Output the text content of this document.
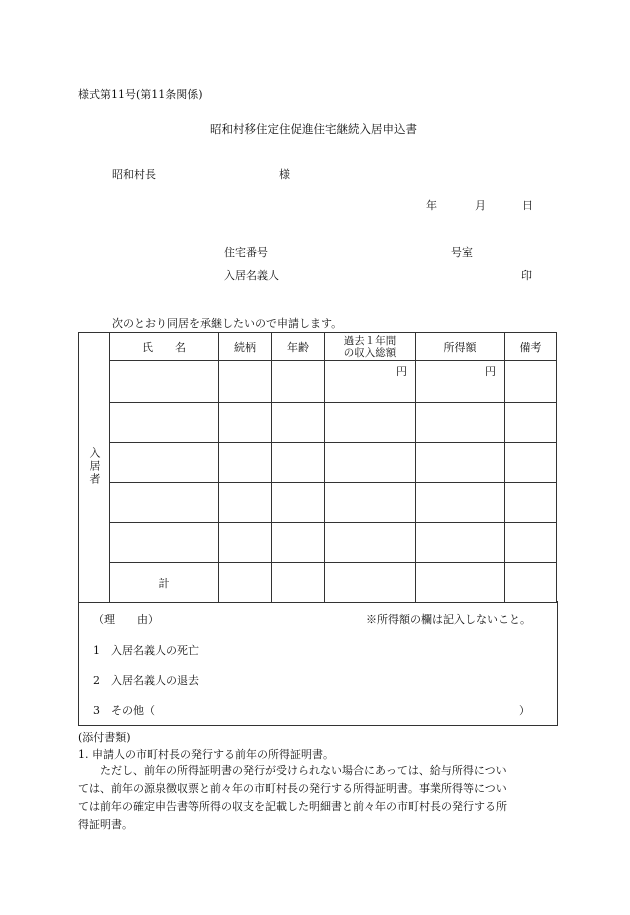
様式第11号(第11条関係)
昭和村移住定住促進住宅継続入居申込書
昭和村長	様
年	月	日
住宅番号	号室
入居名義人	印
次のとおり同居を承継したいので申請します。
入居者	氏　　名	続柄	年齢	過去１年間
の収入総額	所得額	備考
				円	円	

	計					
（理　　由）	※所得額の欄は記入しないこと。
1　 入居名義人の死亡
2　 入居名義人の退去
3　 その他（	）
(添付書類)
1. 申請人の市町村長の発行する前年の所得証明書。
　　ただし、前年の所得証明書の発行が受けられない場合にあっては、給与所得につい
ては、前年の源泉徴収票と前々年の市町村長の発行する所得証明書。事業所得等につい
ては前年の確定申告書等所得の収支を記載した明細書と前々年の市町村長の発行する所
得証明書。
